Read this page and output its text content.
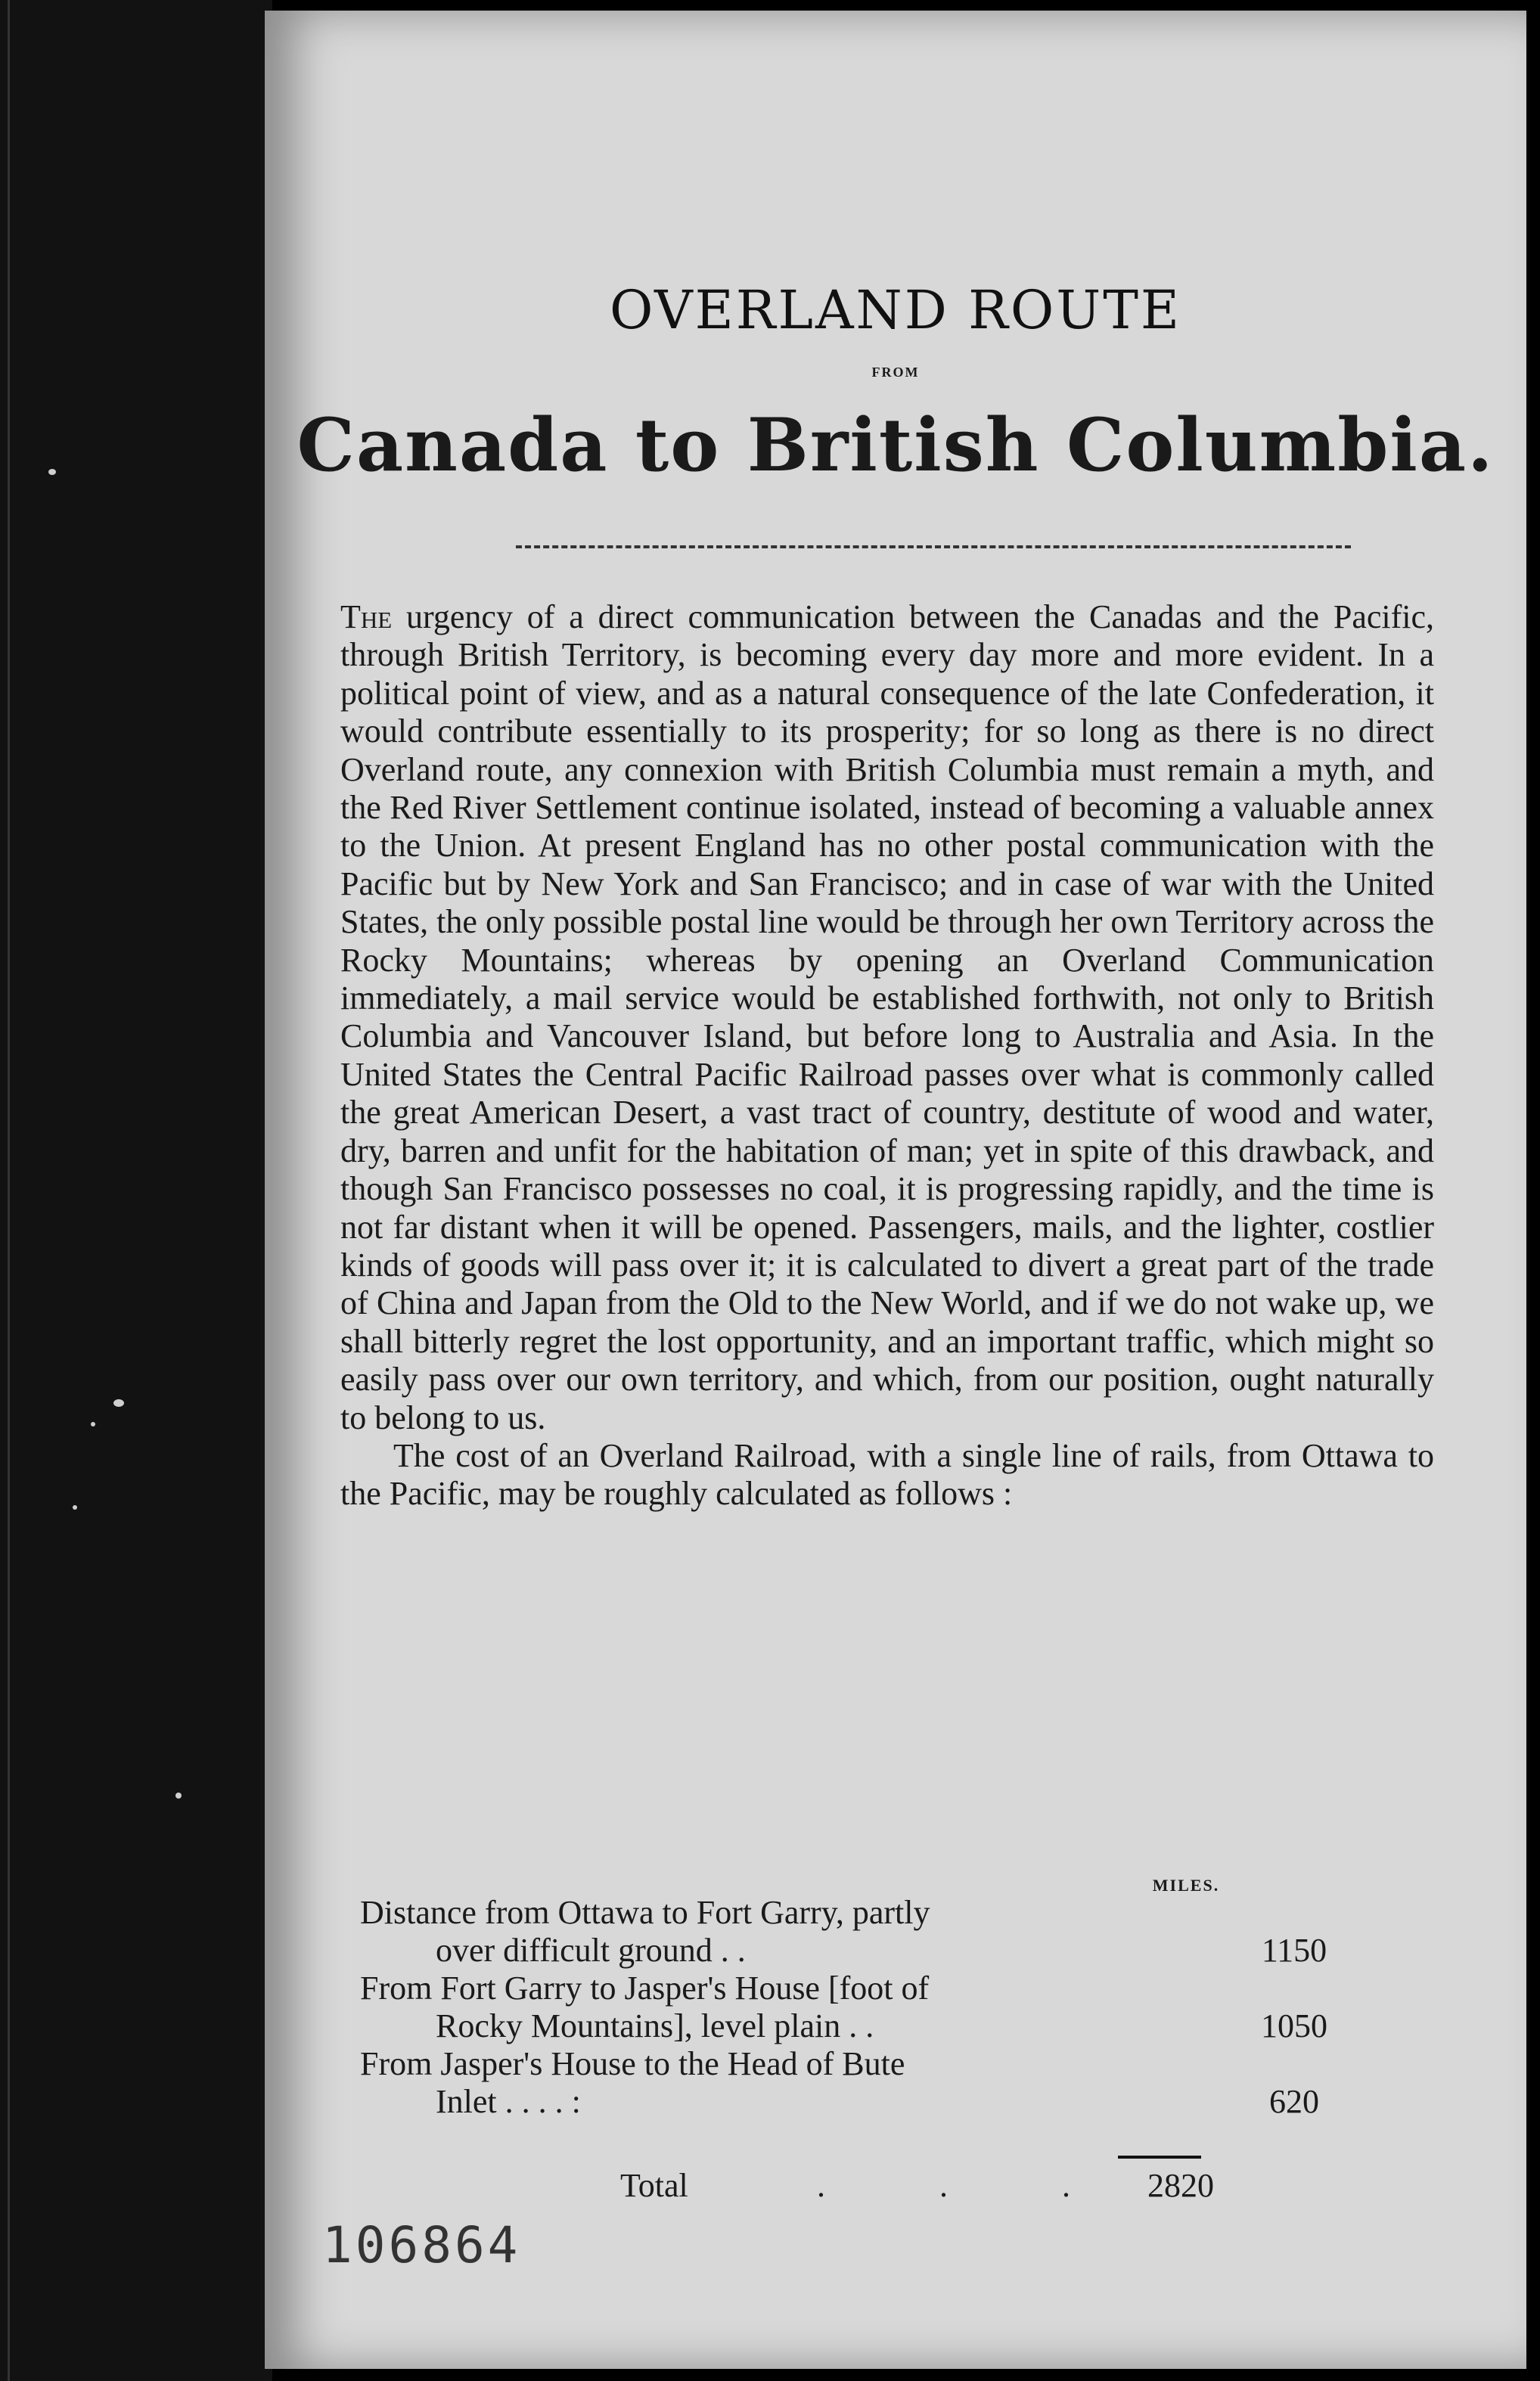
OVERLAND ROUTE
FROM
Canada to British Columbia.

The urgency of a direct communication between the Canadas and the Pacific, through British Territory, is becoming every day more and more evident. In a political point of view, and as a natural consequence of the late Confederation, it would contribute essentially to its prosperity; for so long as there is no direct Overland route, any connexion with British Columbia must remain a myth, and the Red River Settlement continue isolated, instead of becoming a valuable annex to the Union. At present England has no other postal communication with the Pacific but by New York and San Francisco; and in case of war with the United States, the only possible postal line would be through her own Territory across the Rocky Mountains; whereas by opening an Overland Communication immediately, a mail service would be established forthwith, not only to British Columbia and Vancouver Island, but before long to Australia and Asia. In the United States the Central Pacific Railroad passes over what is commonly called the great American Desert, a vast tract of country, destitute of wood and water, dry, barren and unfit for the habitation of man; yet in spite of this drawback, and though San Francisco possesses no coal, it is progressing rapidly, and the time is not far distant when it will be opened. Passengers, mails, and the lighter, costlier kinds of goods will pass over it; it is calculated to divert a great part of the trade of China and Japan from the Old to the New World, and if we do not wake up, we shall bitterly regret the lost opportunity, and an important traffic, which might so easily pass over our own territory, and which, from our position, ought naturally to belong to us.

The cost of an Overland Railroad, with a single line of rails, from Ottawa to the Pacific, may be roughly calculated as follows :

MILES.
Distance from Ottawa to Fort Garry, partly
over difficult ground . .	1150
From Fort Garry to Jasper's House [foot of
Rocky Mountains], level plain . .	1050
From Jasper's House to the Head of Bute
Inlet . . . . :	620
Total	. . . 2820
106864
